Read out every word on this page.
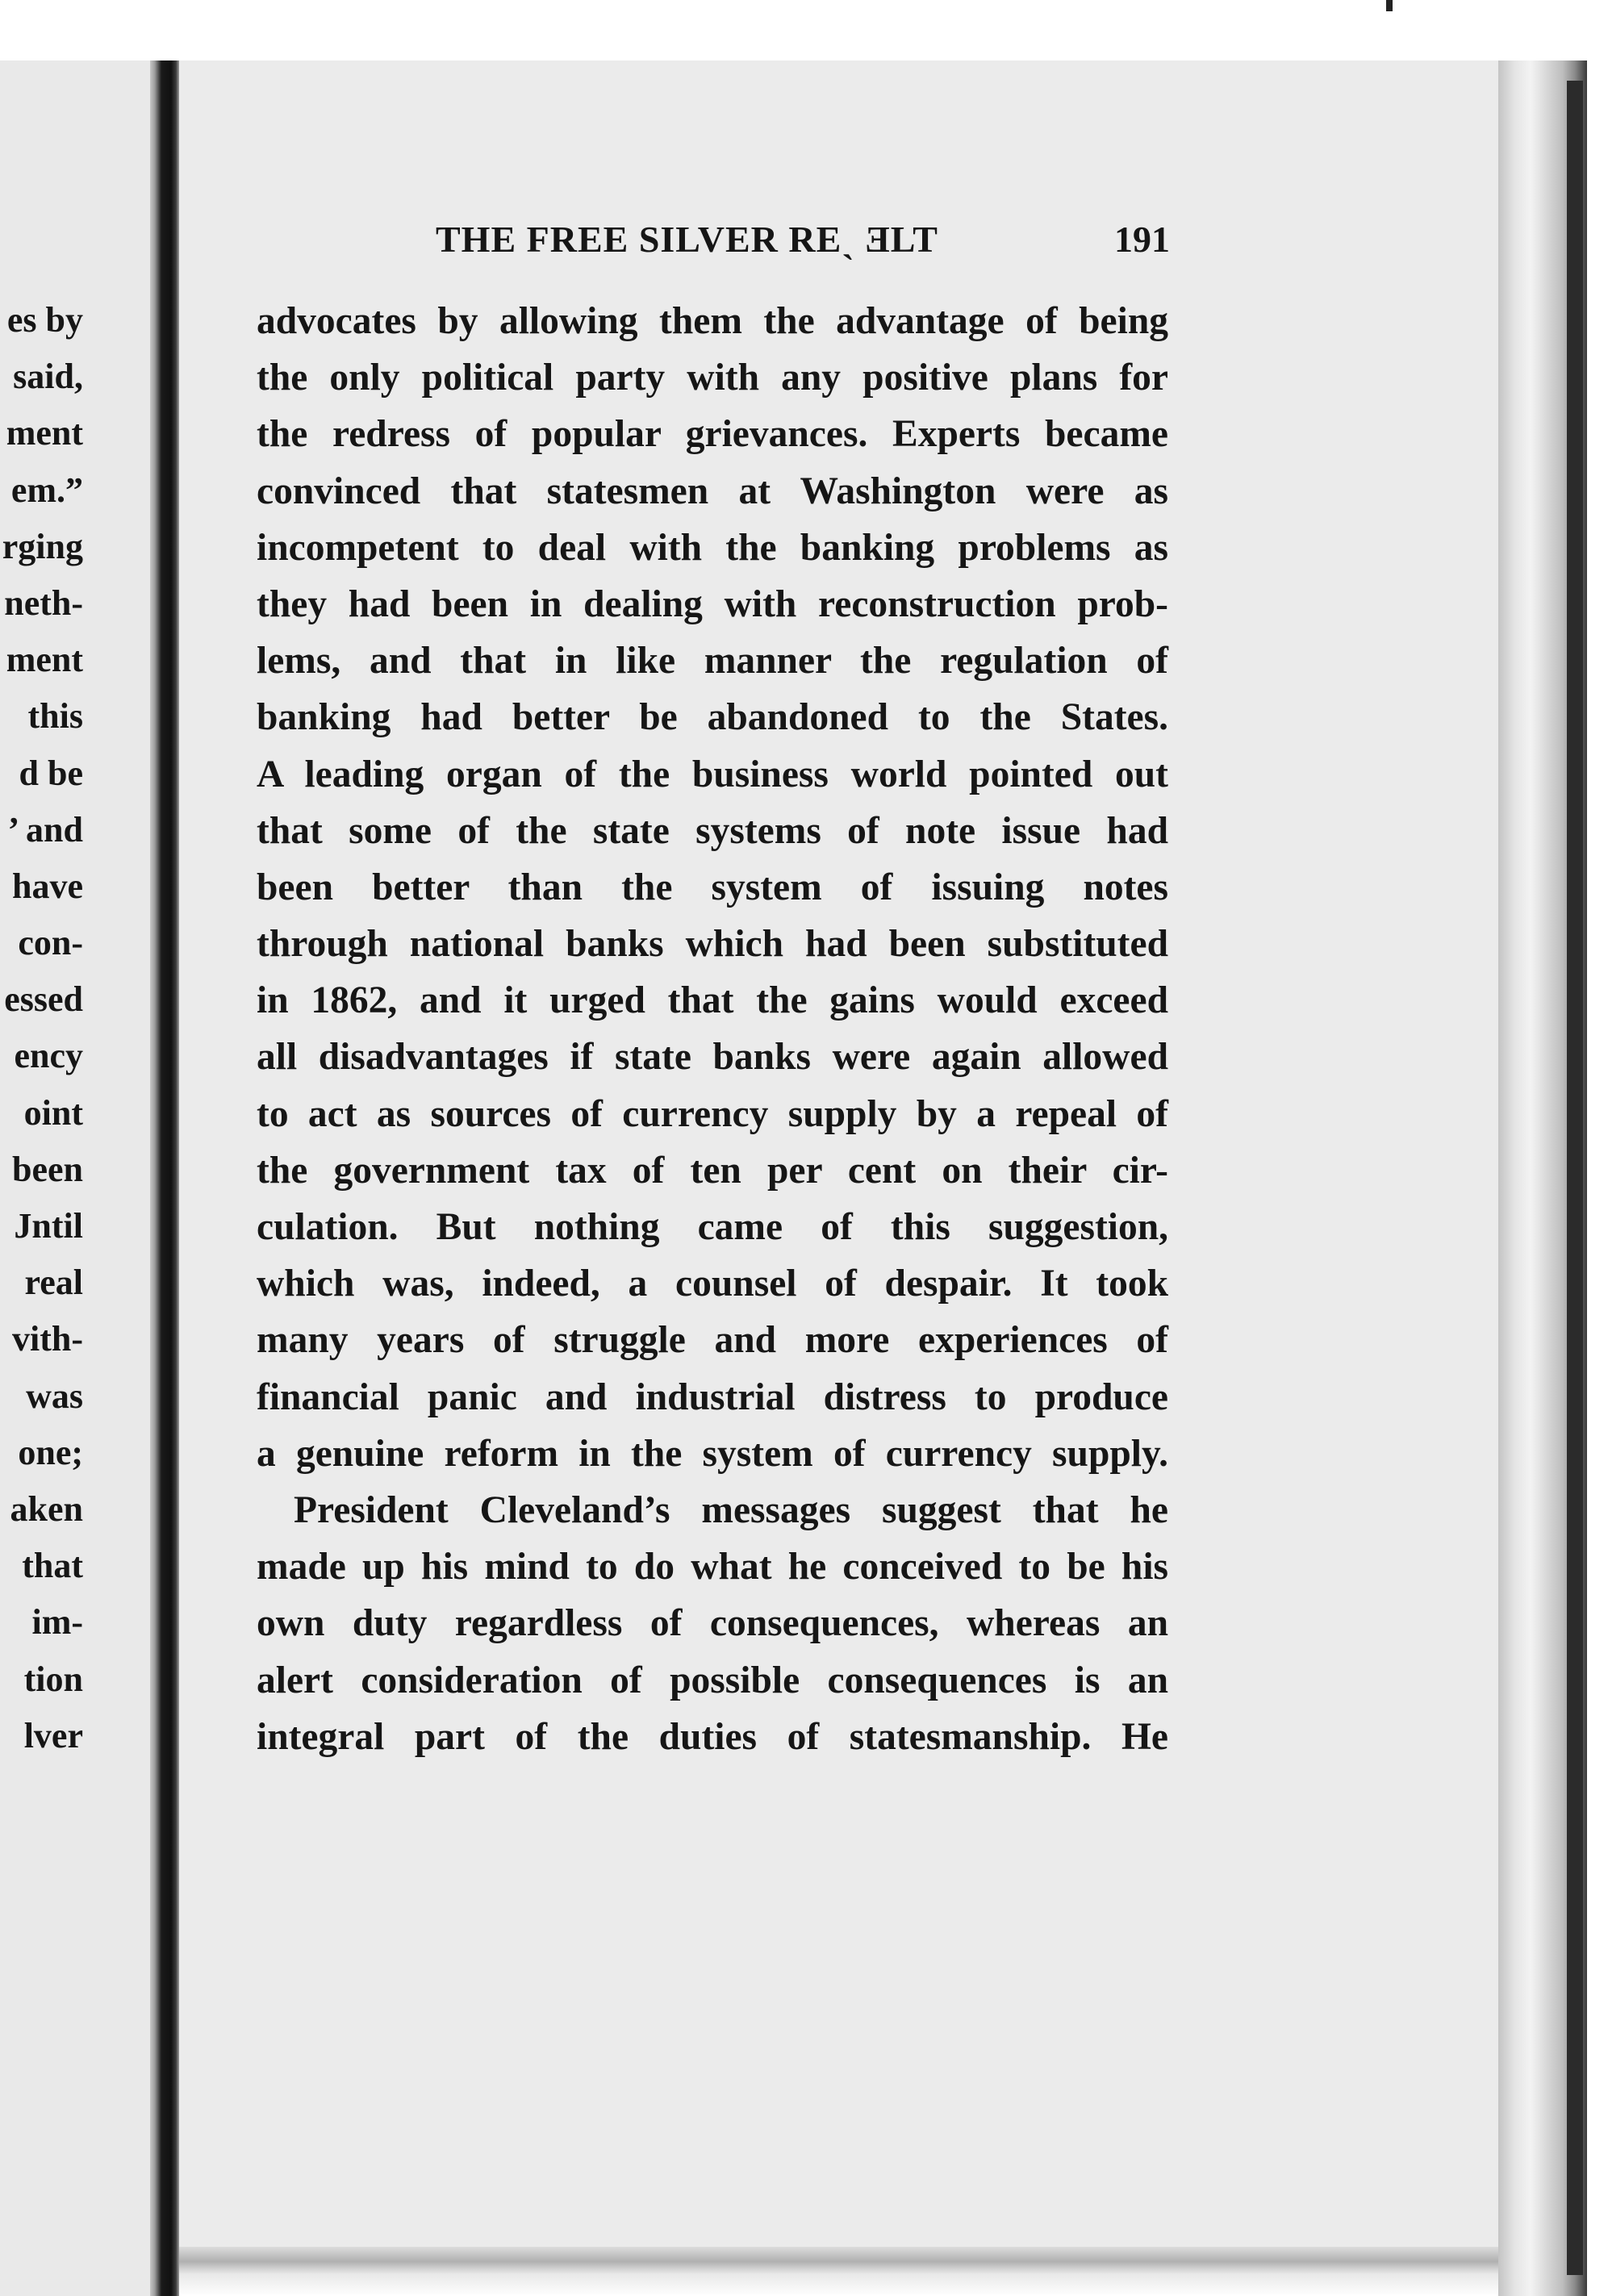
es by
said,
ment
em.”
rging
neth-
ment
this
d be
’ and
have
con-
essed
ency
oint
been
Jntil
real
vith-
was
one;
aken
that
im-
tion
lver
THE FREE SILVER REˎ ƎLT	191
advocates by allowing them the advantage of being
the only political party with any positive plans for
the redress of popular grievances. Experts became
convinced that statesmen at Washington were as
incompetent to deal with the banking problems as
they had been in dealing with reconstruction prob-
lems, and that in like manner the regulation of
banking had better be abandoned to the States.
A leading organ of the business world pointed out
that some of the state systems of note issue had
been better than the system of issuing notes
through national banks which had been substituted
in 1862, and it urged that the gains would exceed
all disadvantages if state banks were again allowed
to act as sources of currency supply by a repeal of
the government tax of ten per cent on their cir-
culation. But nothing came of this suggestion,
which was, indeed, a counsel of despair. It took
many years of struggle and more experiences of
financial panic and industrial distress to produce
a genuine reform in the system of currency supply.
President Cleveland’s messages suggest that he
made up his mind to do what he conceived to be his
own duty regardless of consequences, whereas an
alert consideration of possible consequences is an
integral part of the duties of statesmanship. He
